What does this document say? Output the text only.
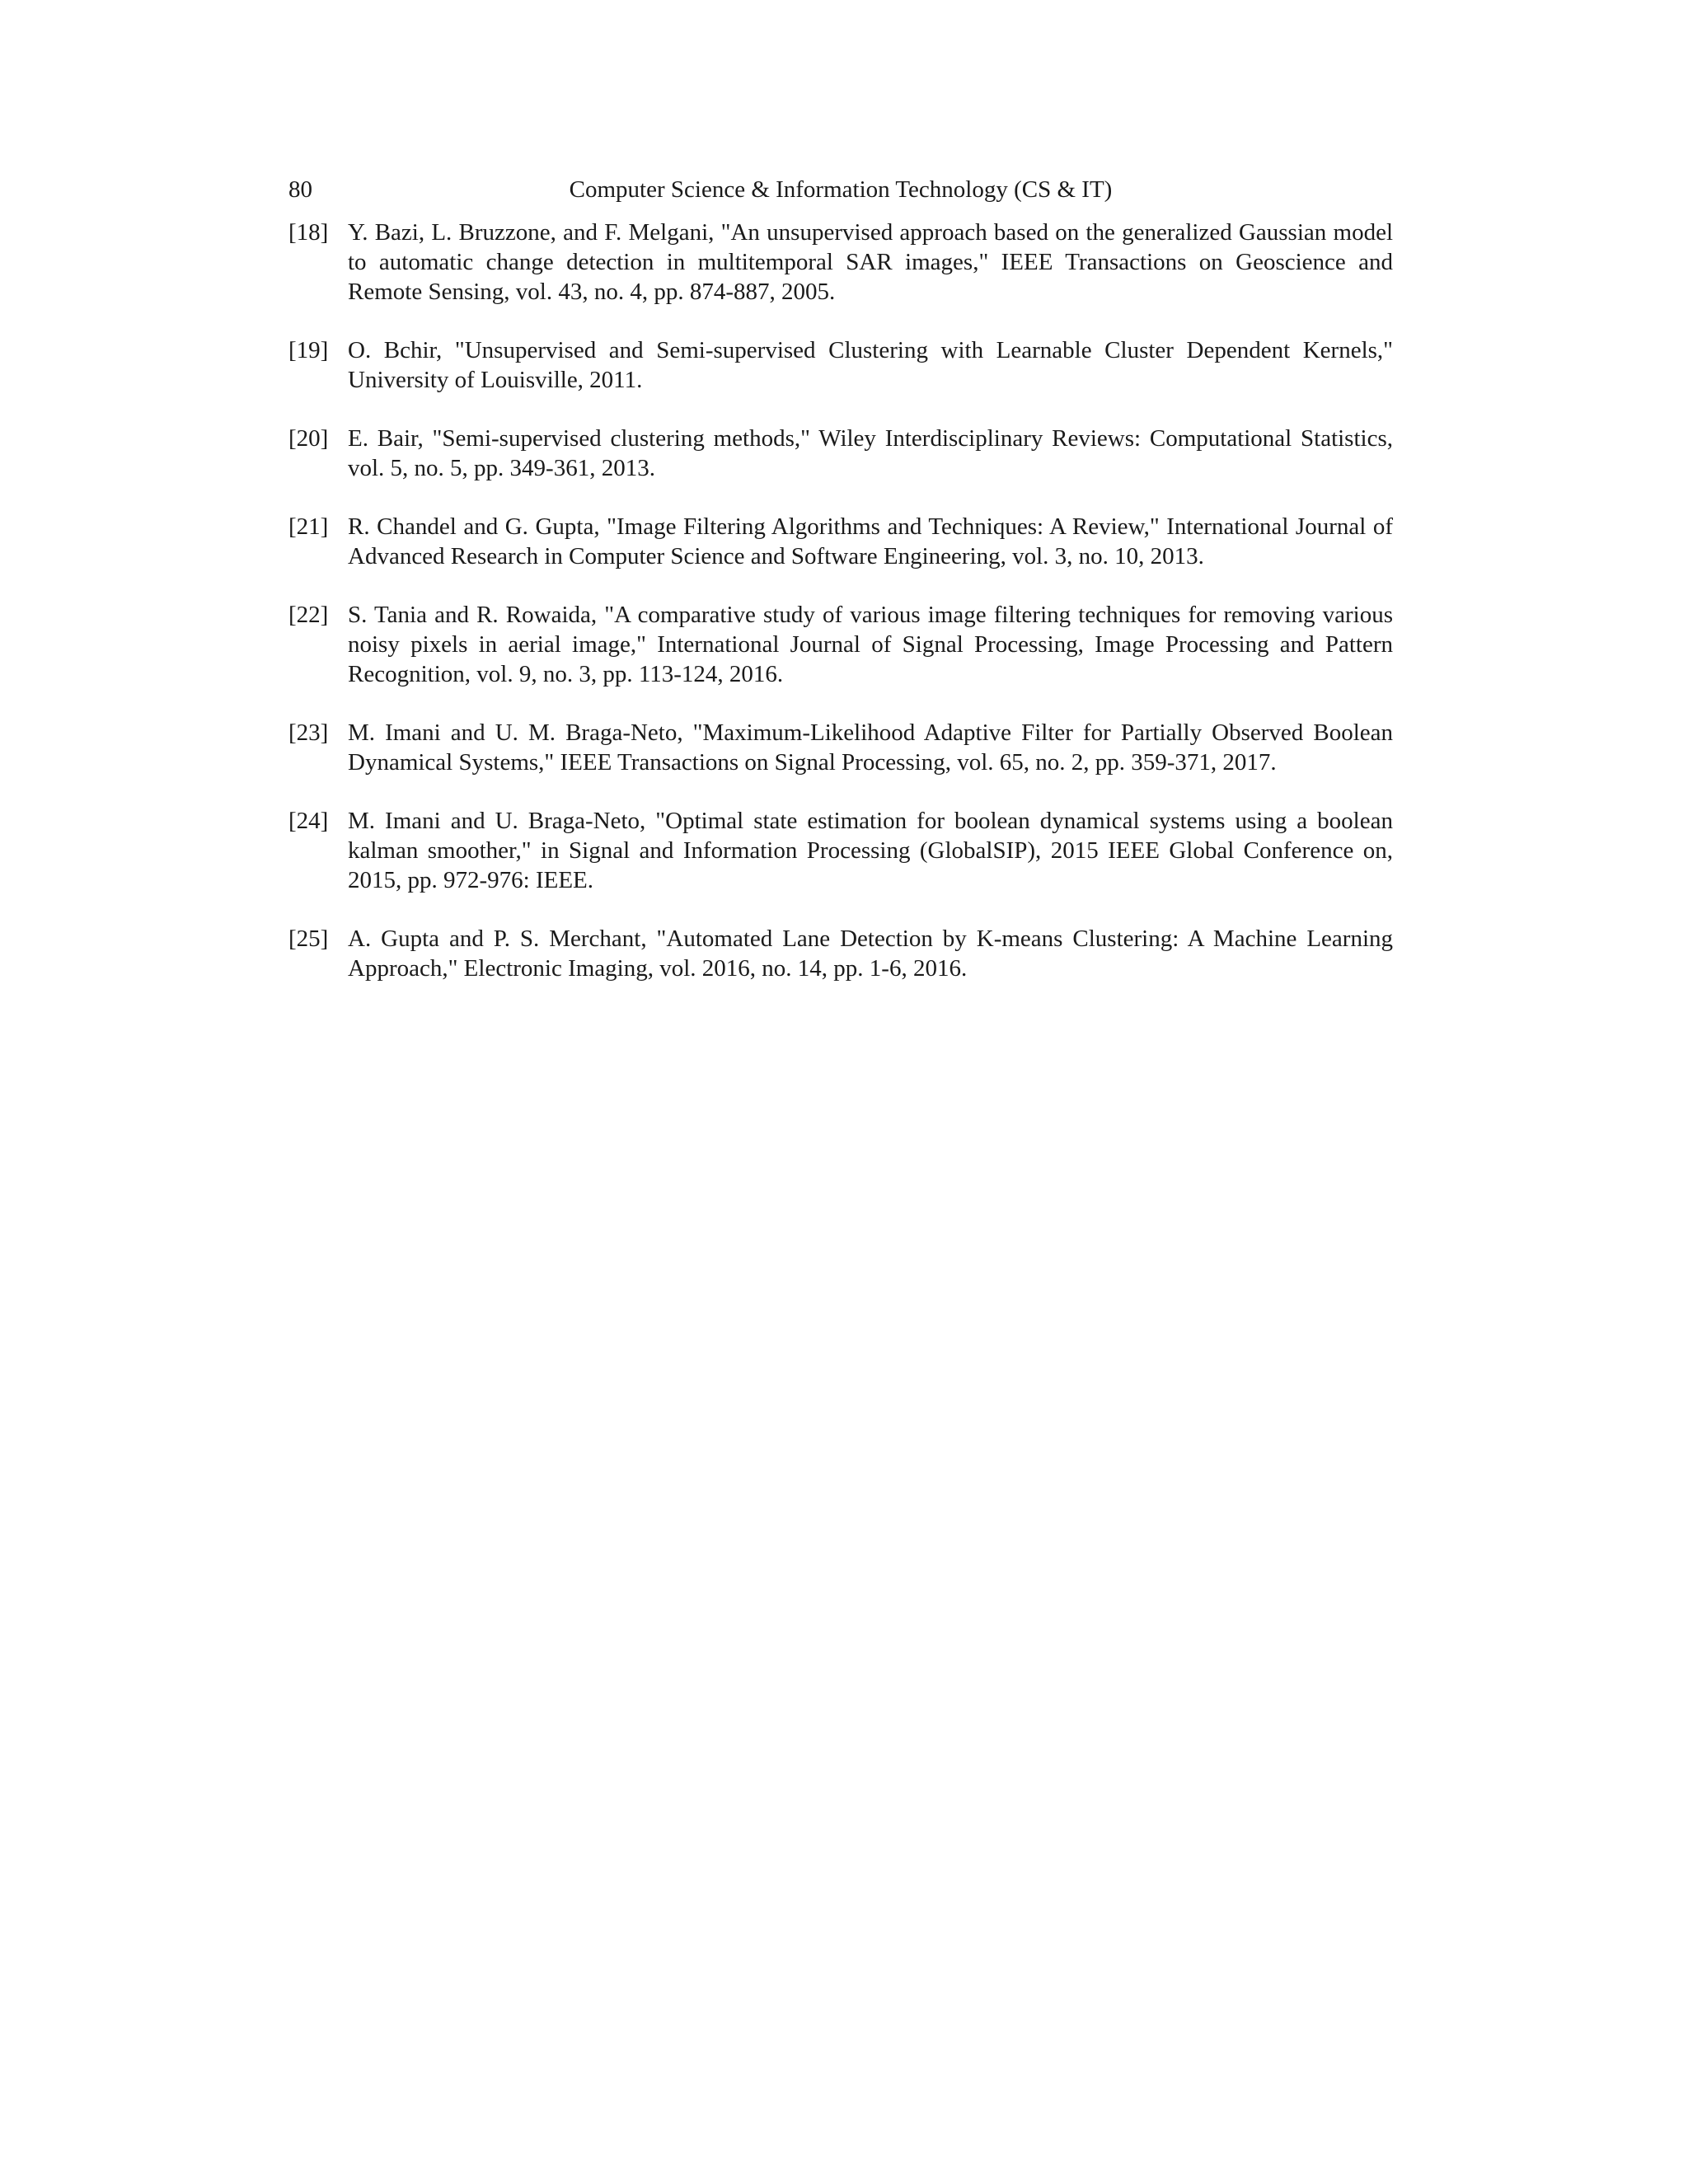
80	Computer Science & Information Technology (CS & IT)
[18] Y. Bazi, L. Bruzzone, and F. Melgani, "An unsupervised approach based on the generalized Gaussian model to automatic change detection in multitemporal SAR images," IEEE Transactions on Geoscience and Remote Sensing, vol. 43, no. 4, pp. 874-887, 2005.
[19] O. Bchir, "Unsupervised and Semi-supervised Clustering with Learnable Cluster Dependent Kernels," University of Louisville, 2011.
[20] E. Bair, "Semi-supervised clustering methods," Wiley Interdisciplinary Reviews: Computational Statistics, vol. 5, no. 5, pp. 349-361, 2013.
[21] R. Chandel and G. Gupta, "Image Filtering Algorithms and Techniques: A Review," International Journal of Advanced Research in Computer Science and Software Engineering, vol. 3, no. 10, 2013.
[22] S. Tania and R. Rowaida, "A comparative study of various image filtering techniques for removing various noisy pixels in aerial image," International Journal of Signal Processing, Image Processing and Pattern Recognition, vol. 9, no. 3, pp. 113-124, 2016.
[23] M. Imani and U. M. Braga-Neto, "Maximum-Likelihood Adaptive Filter for Partially Observed Boolean Dynamical Systems," IEEE Transactions on Signal Processing, vol. 65, no. 2, pp. 359-371, 2017.
[24] M. Imani and U. Braga-Neto, "Optimal state estimation for boolean dynamical systems using a boolean kalman smoother," in Signal and Information Processing (GlobalSIP), 2015 IEEE Global Conference on, 2015, pp. 972-976: IEEE.
[25] A. Gupta and P. S. Merchant, "Automated Lane Detection by K-means Clustering: A Machine Learning Approach," Electronic Imaging, vol. 2016, no. 14, pp. 1-6, 2016.
